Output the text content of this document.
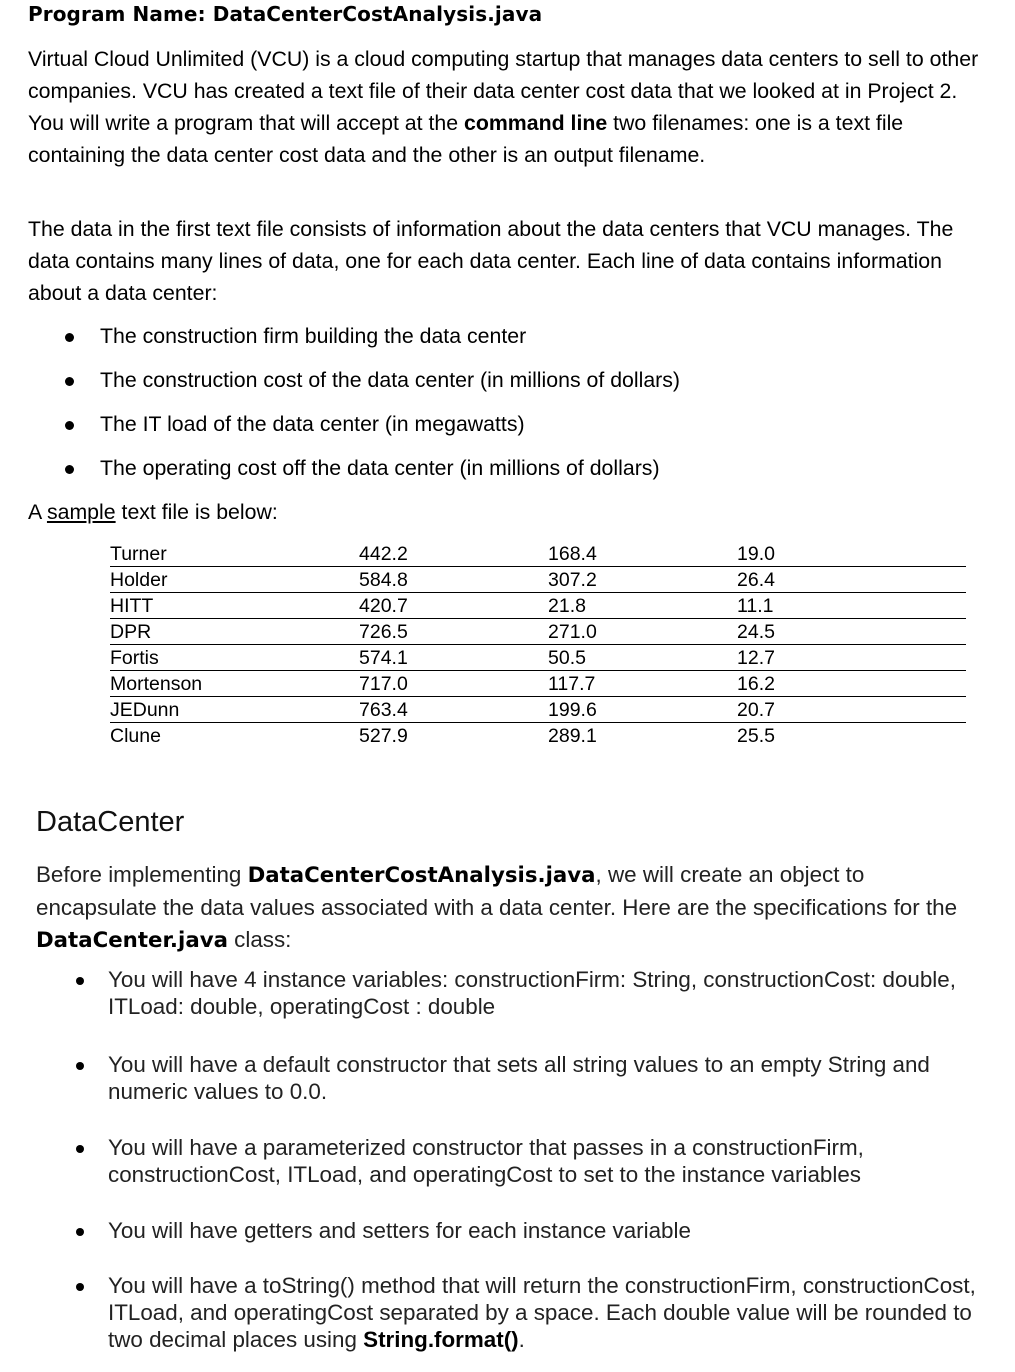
Program Name: DataCenterCostAnalysis.java
Virtual Cloud Unlimited (VCU) is a cloud computing startup that manages data centers to sell to other companies. VCU has created a text file of their data center cost data that we looked at in Project 2. You will write a program that will accept at the command line two filenames: one is a text file containing the data center cost data and the other is an output filename.
The data in the first text file consists of information about the data centers that VCU manages. The data contains many lines of data, one for each data center. Each line of data contains information about a data center:
The construction firm building the data center
The construction cost of the data center (in millions of dollars)
The IT load of the data center (in megawatts)
The operating cost off the data center (in millions of dollars)
A sample text file is below:
Turner	442.2	168.4	19.0
Holder	584.8	307.2	26.4
HITT	420.7	21.8	11.1
DPR	726.5	271.0	24.5
Fortis	574.1	50.5	12.7
Mortenson	717.0	117.7	16.2
JEDunn	763.4	199.6	20.7
Clune	527.9	289.1	25.5
DataCenter
Before implementing DataCenterCostAnalysis.java, we will create an object to encapsulate the data values associated with a data center. Here are the specifications for the DataCenter.java class:
You will have 4 instance variables: constructionFirm: String, constructionCost: double, ITLoad: double, operatingCost : double
You will have a default constructor that sets all string values to an empty String and numeric values to 0.0.
You will have a parameterized constructor that passes in a constructionFirm, constructionCost, ITLoad, and operatingCost to set to the instance variables
You will have getters and setters for each instance variable
You will have a toString() method that will return the constructionFirm, constructionCost, ITLoad, and operatingCost separated by a space. Each double value will be rounded to two decimal places using String.format().
